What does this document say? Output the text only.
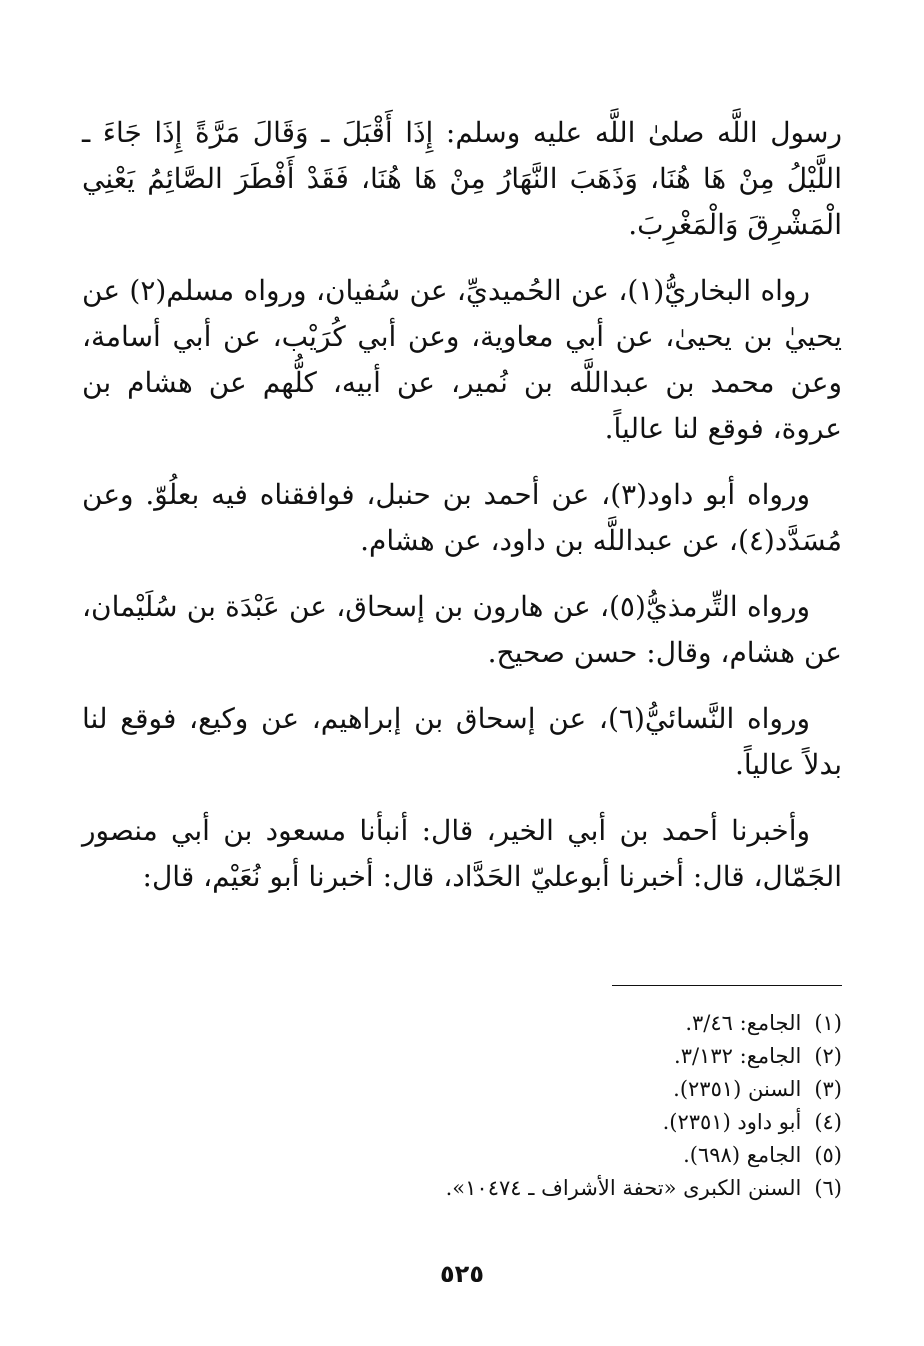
رسول اللَّه صلىٰ اللَّه عليه وسلم: إِذَا أَقْبَلَ ـ وَقَالَ مَرَّةً إِذَا جَاءَ ـ اللَّيْلُ مِنْ هَا هُنَا، وَذَهَبَ النَّهَارُ مِنْ هَا هُنَا، فَقَدْ أَفْطَرَ الصَّائِمُ يَعْنِي الْمَشْرِقَ وَالْمَغْرِبَ.

رواه البخاريُّ(١)، عن الحُميديِّ، عن سُفيان، ورواه مسلم(٢) عن يحييٰ بن يحيىٰ، عن أبي معاوية، وعن أبي كُرَيْب، عن أبي أسامة، وعن محمد بن عبداللَّه بن نُمير، عن أبيه، كلُّهم عن هشام بن عروة، فوقع لنا عالياً.

ورواه أبو داود(٣)، عن أحمد بن حنبل، فوافقناه فيه بعلُوّ. وعن مُسَدَّد(٤)، عن عبداللَّه بن داود، عن هشام.

ورواه التِّرمذيُّ(٥)، عن هارون بن إسحاق، عن عَبْدَة بن سُلَيْمان، عن هشام، وقال: حسن صحيح.

ورواه النَّسائيُّ(٦)، عن إسحاق بن إبراهيم، عن وكيع، فوقع لنا بدلاً عالياً.

وأخبرنا أحمد بن أبي الخير، قال: أنبأنا مسعود بن أبي منصور الجَمّال، قال: أخبرنا أبوعليّ الحَدَّاد، قال: أخبرنا أبو نُعَيْم، قال:

(١) الجامع: ٣/٤٦.
(٢) الجامع: ٣/١٣٢.
(٣) السنن (٢٣٥١).
(٤) أبو داود (٢٣٥١).
(٥) الجامع (٦٩٨).
(٦) السنن الكبرى «تحفة الأشراف ـ ١٠٤٧٤».
٥٢٥
